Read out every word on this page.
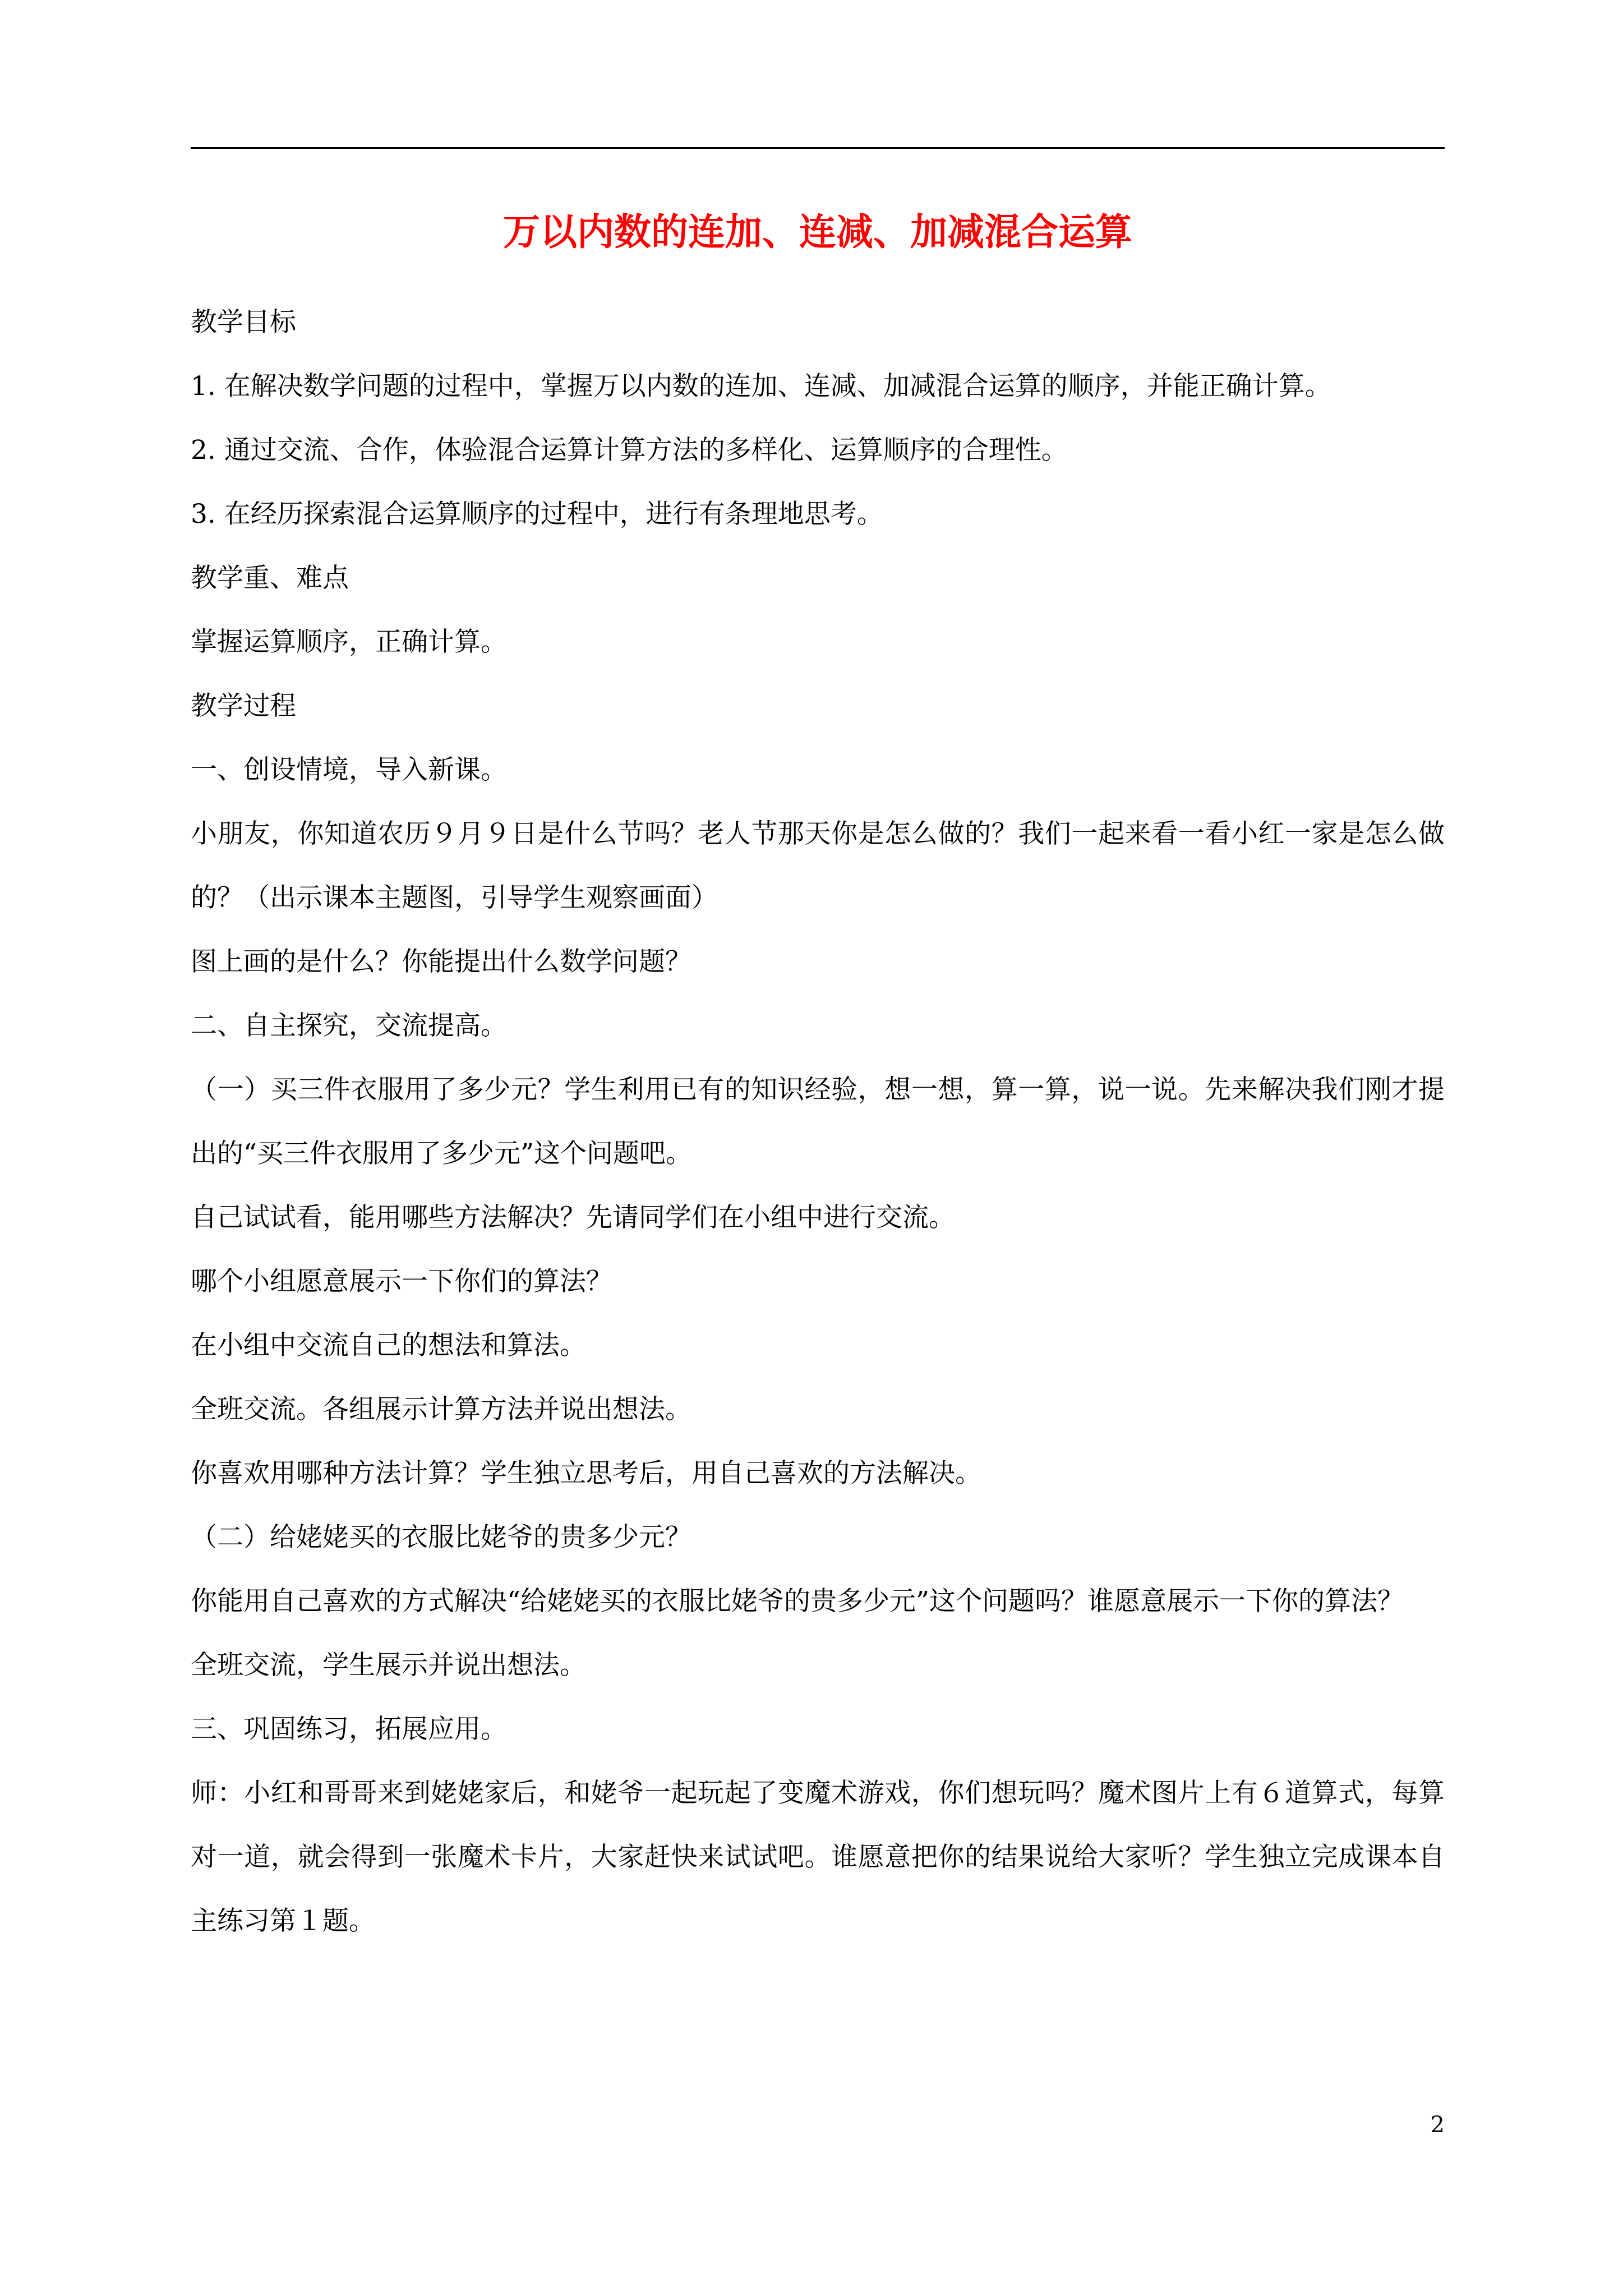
万以内数的连加、连减、加减混合运算

教学目标

1. 在解决数学问题的过程中，掌握万以内数的连加、连减、加减混合运算的顺序，并能正确计算。

2. 通过交流、合作，体验混合运算计算方法的多样化、运算顺序的合理性。

3. 在经历探索混合运算顺序的过程中，进行有条理地思考。

教学重、难点

掌握运算顺序，正确计算。

教学过程

一、创设情境，导入新课。

小朋友，你知道农历９月９日是什么节吗？老人节那天你是怎么做的？我们一起来看一看小红一家是怎么做的？（出示课本主题图，引导学生观察画面）

图上画的是什么？你能提出什么数学问题？

二、自主探究，交流提高。

（一）买三件衣服用了多少元？学生利用已有的知识经验，想一想，算一算，说一说。先来解决我们刚才提出的“买三件衣服用了多少元”这个问题吧。

自己试试看，能用哪些方法解决？先请同学们在小组中进行交流。

哪个小组愿意展示一下你们的算法？

在小组中交流自己的想法和算法。

全班交流。各组展示计算方法并说出想法。

你喜欢用哪种方法计算？学生独立思考后，用自己喜欢的方法解决。

（二）给姥姥买的衣服比姥爷的贵多少元？

你能用自己喜欢的方式解决“给姥姥买的衣服比姥爷的贵多少元”这个问题吗？谁愿意展示一下你的算法？

全班交流，学生展示并说出想法。

三、巩固练习，拓展应用。

师：小红和哥哥来到姥姥家后，和姥爷一起玩起了变魔术游戏，你们想玩吗？魔术图片上有６道算式，每算对一道，就会得到一张魔术卡片，大家赶快来试试吧。谁愿意把你的结果说给大家听？学生独立完成课本自主练习第１题。

2
